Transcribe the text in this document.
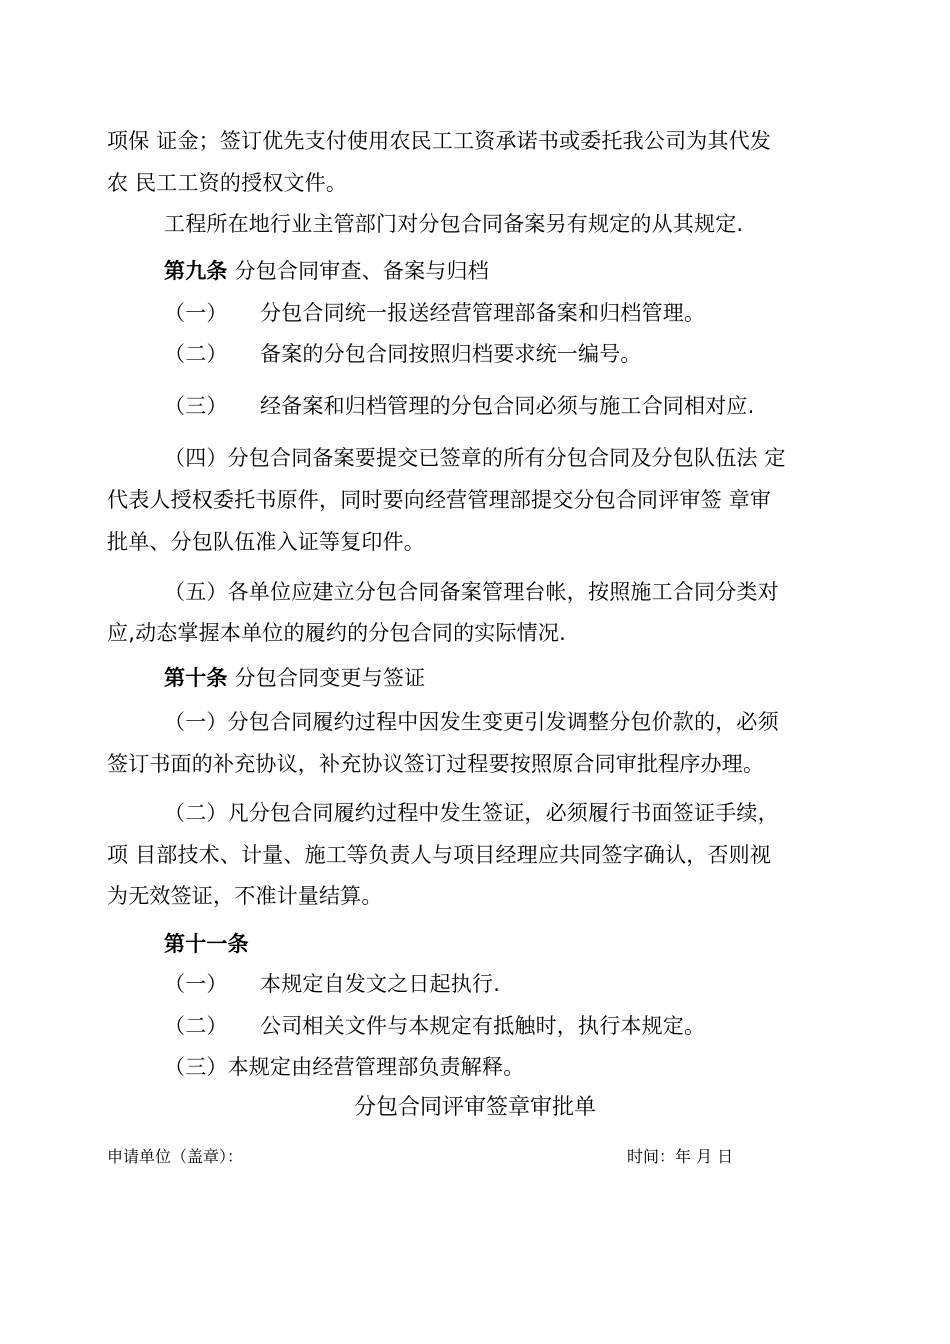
项保 证金；签订优先支付使用农民工工资承诺书或委托我公司为其代发
农 民工工资的授权文件。
工程所在地行业主管部门对分包合同备案另有规定的从其规定.
第九条 分包合同审查、备案与归档
（一） 分包合同统一报送经营管理部备案和归档管理。
（二） 备案的分包合同按照归档要求统一编号。
（三） 经备案和归档管理的分包合同必须与施工合同相对应.
（四）分包合同备案要提交已签章的所有分包合同及分包队伍法 定
代表人授权委托书原件，同时要向经营管理部提交分包合同评审签 章审
批单、分包队伍准入证等复印件。
（五）各单位应建立分包合同备案管理台帐，按照施工合同分类对
应,动态掌握本单位的履约的分包合同的实际情况.
第十条 分包合同变更与签证
（一）分包合同履约过程中因发生变更引发调整分包价款的，必须
签订书面的补充协议，补充协议签订过程要按照原合同审批程序办理。
（二）凡分包合同履约过程中发生签证，必须履行书面签证手续，
项 目部技术、计量、施工等负责人与项目经理应共同签字确认，否则视
为无效签证，不准计量结算。
第十一条
（一） 本规定自发文之日起执行.
（二） 公司相关文件与本规定有抵触时，执行本规定。
（三）本规定由经营管理部负责解释。
分包合同评审签章审批单
申请单位（盖章）：	时间：年 月 日
